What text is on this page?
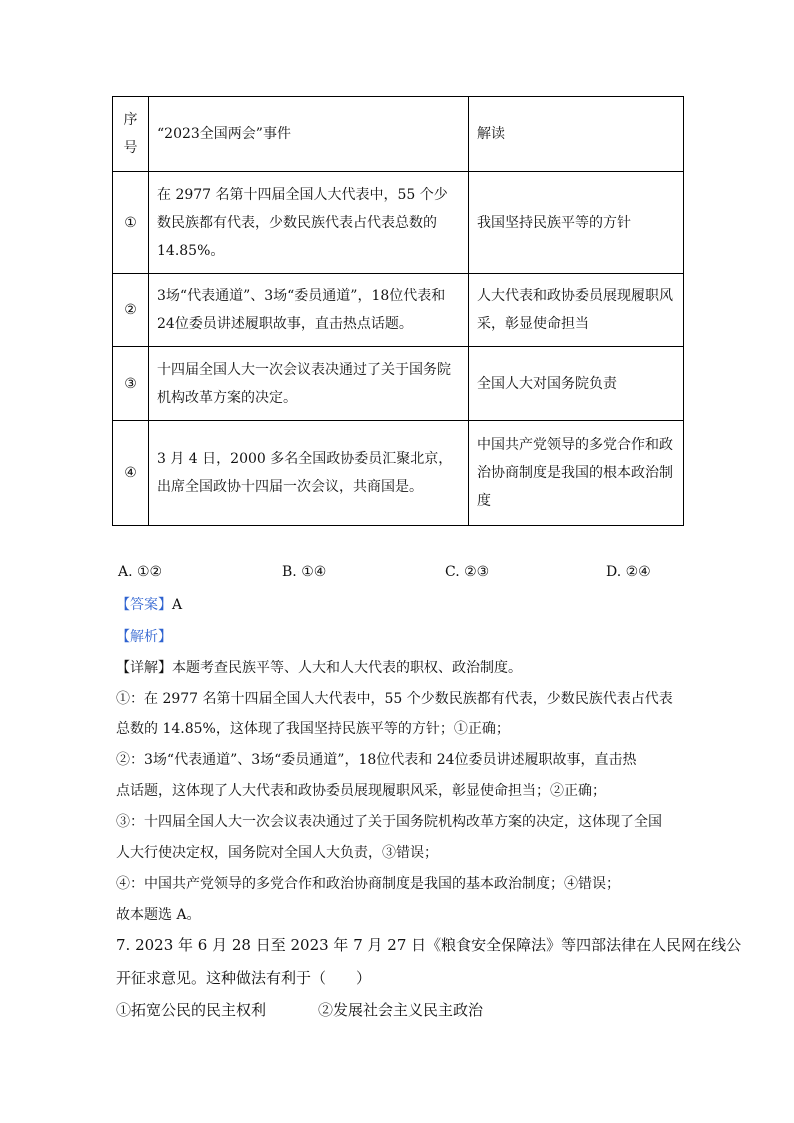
序号	“2023全国两会”事件	解读
①	在 2977 名第十四届全国人大代表中，55 个少数民族都有代表，少数民族代表占代表总数的 14.85%。	我国坚持民族平等的方针
②	3场“代表通道”、3场“委员通道”，18位代表和 24位委员讲述履职故事，直击热点话题。	人大代表和政协委员展现履职风采，彰显使命担当
③	十四届全国人大一次会议表决通过了关于国务院机构改革方案的决定。	全国人大对国务院负责
④	3 月 4 日，2000 多名全国政协委员汇聚北京，出席全国政协十四届一次会议，共商国是。	中国共产党领导的多党合作和政治协商制度是我国的根本政治制度
A. ①②	B. ①④	C. ②③	D. ②④
【答案】A
【解析】
【详解】本题考查民族平等、人大和人大代表的职权、政治制度。
①：在 2977 名第十四届全国人大代表中，55 个少数民族都有代表，少数民族代表占代表
总数的 14.85%，这体现了我国坚持民族平等的方针；①正确；
②：3场“代表通道”、3场“委员通道”，18位代表和 24位委员讲述履职故事，直击热
点话题，这体现了人大代表和政协委员展现履职风采，彰显使命担当；②正确；
③：十四届全国人大一次会议表决通过了关于国务院机构改革方案的决定，这体现了全国
人大行使决定权，国务院对全国人大负责，③错误；
④：中国共产党领导的多党合作和政治协商制度是我国的基本政治制度；④错误；
故本题选 A。
7. 2023 年 6 月 28 日至 2023 年 7 月 27 日《粮食安全保障法》等四部法律在人民网在线公
开征求意见。这种做法有利于（　　）
①拓宽公民的民主权利	②发展社会主义民主政治
